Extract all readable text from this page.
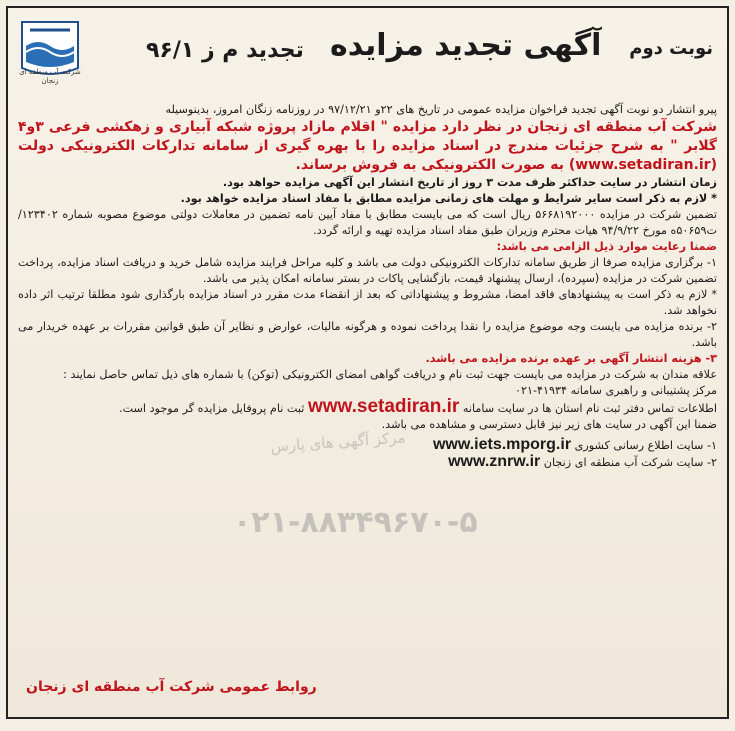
شرکت آب منطقه ای زنجان
تجدید م ز ۹۶/۱ آگهی تجدید مزایده نوبت دوم

پیرو انتشار دو نوبت آگهی تجدید فراخوان مزایده عمومی در تاریخ های ۲۲و ۹۷/۱۲/۲۱ در روزنامه زنگان امروز، بدینوسیله

شرکت آب منطقه ای زنجان در نظر دارد مزایده " اقلام مازاد پروژه شبکه آبیاری و زهکشی فرعی ۳و۴ گلابر " به شرح جزئیات مندرج در اسناد مزایده را با بهره گیری از سامانه تدارکات الکترونیکی دولت (www.setadiran.ir) به صورت الکترونیکی به فروش برساند.

زمان انتشار در سایت حداکثر ظرف مدت ۳ روز از تاریخ انتشار این آگهی مزایده حواهد بود.

* لازم به ذکر است سایر شرایط و مهلت های زمانی مزایده مطابق با مفاد اسناد مزایده خواهد بود.

تضمین شرکت در مزایده ۵۶۶۸۱۹۲۰۰۰ ریال است که می بایست مطابق با مفاد آیین نامه تضمین در معاملات دولتی موضوع مصوبه شماره ۱۲۳۴۰۲/ت۵۰۶۵۹ه مورخ ۹۴/۹/۲۲ هیات محترم وزیران طبق مفاد اسناد مزایده تهیه و ارائه گردد.

ضمنا رعایت موارد ذیل الزامی می باشد:

۱- برگزاری مزایده صرفا از طریق سامانه تدارکات الکترونیکی دولت می باشد و کلیه مراحل فرایند مزایده شامل خرید و دریافت اسناد مزایده، پرداخت تضمین شرکت در مزایده (سپرده)، ارسال پیشنهاد قیمت، بازگشایی پاکات در بستر سامانه امکان پذیر می باشد.

* لازم به ذکر است به پیشنهادهای فاقد امضا، مشروط و پیشنهاداتی که بعد از انقضاء مدت مقرر در اسناد مزایده بارگذاری شود مطلقا ترتیب اثر داده نخواهد شد.

۲- برنده مزایده می بایست وجه موضوع مزایده را نقدا پرداخت نموده و هرگونه مالیات، عوارض و نظایر آن طبق قوانین مقررات بر عهده خریدار می باشد.

۳- هزینه انتشار آگهی بر عهده برنده مزایده می باشد.

علاقه مندان به شرکت در مزایده می بایست جهت ثبت نام و دریافت گواهی امضای الکترونیکی (توکن) با شماره های ذیل تماس حاصل نمایند :

مرکز پشتیبانی و راهبری سامانه ۴۱۹۳۴-۰۲۱

اطلاعات تماس دفتر ثبت نام استان ها در سایت سامانه www.setadiran.ir ثبت نام پروفایل مزایده گر موجود است.

ضمنا این آگهی در سایت های زیر نیز قابل دسترسی و مشاهده می باشد.

۱- سایت اطلاع رسانی کشوری www.iets.mporg.ir

۲- سایت شرکت آب منطقه ای زنجان www.znrw.ir

مرکز آگهی های پارس
۰۲۱-۸۸۳۴۹۶۷۰-۵
روابط عمومی شرکت آب منطقه ای زنجان
